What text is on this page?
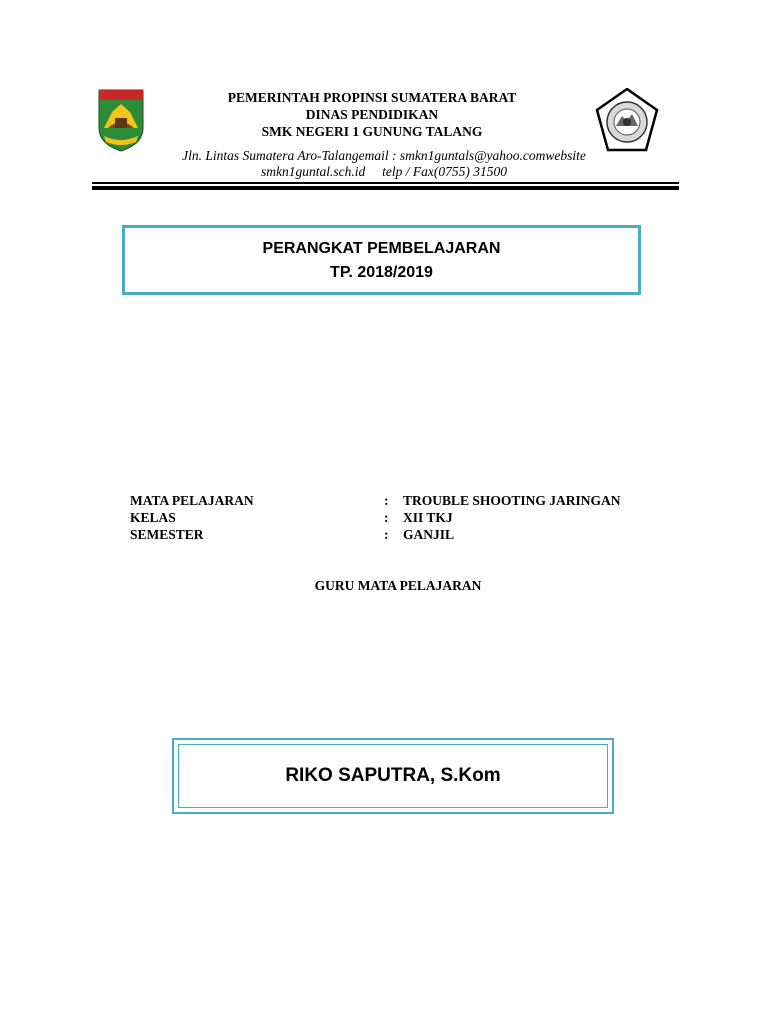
PEMERINTAH PROPINSI SUMATERA BARAT
DINAS PENDIDIKAN
SMK NEGERI 1 GUNUNG TALANG
Jln. Lintas Sumatera Aro-Talangemail : smkn1guntals@yahoo.comwebsite
smkn1guntal.sch.id     telp / Fax(0755) 31500
PERANGKAT PEMBELAJARAN
TP. 2018/2019
MATA PELAJARAN	: TROUBLE SHOOTING JARINGAN
KELAS	: XII TKJ
SEMESTER	: GANJIL
GURU MATA PELAJARAN
RIKO SAPUTRA, S.Kom
